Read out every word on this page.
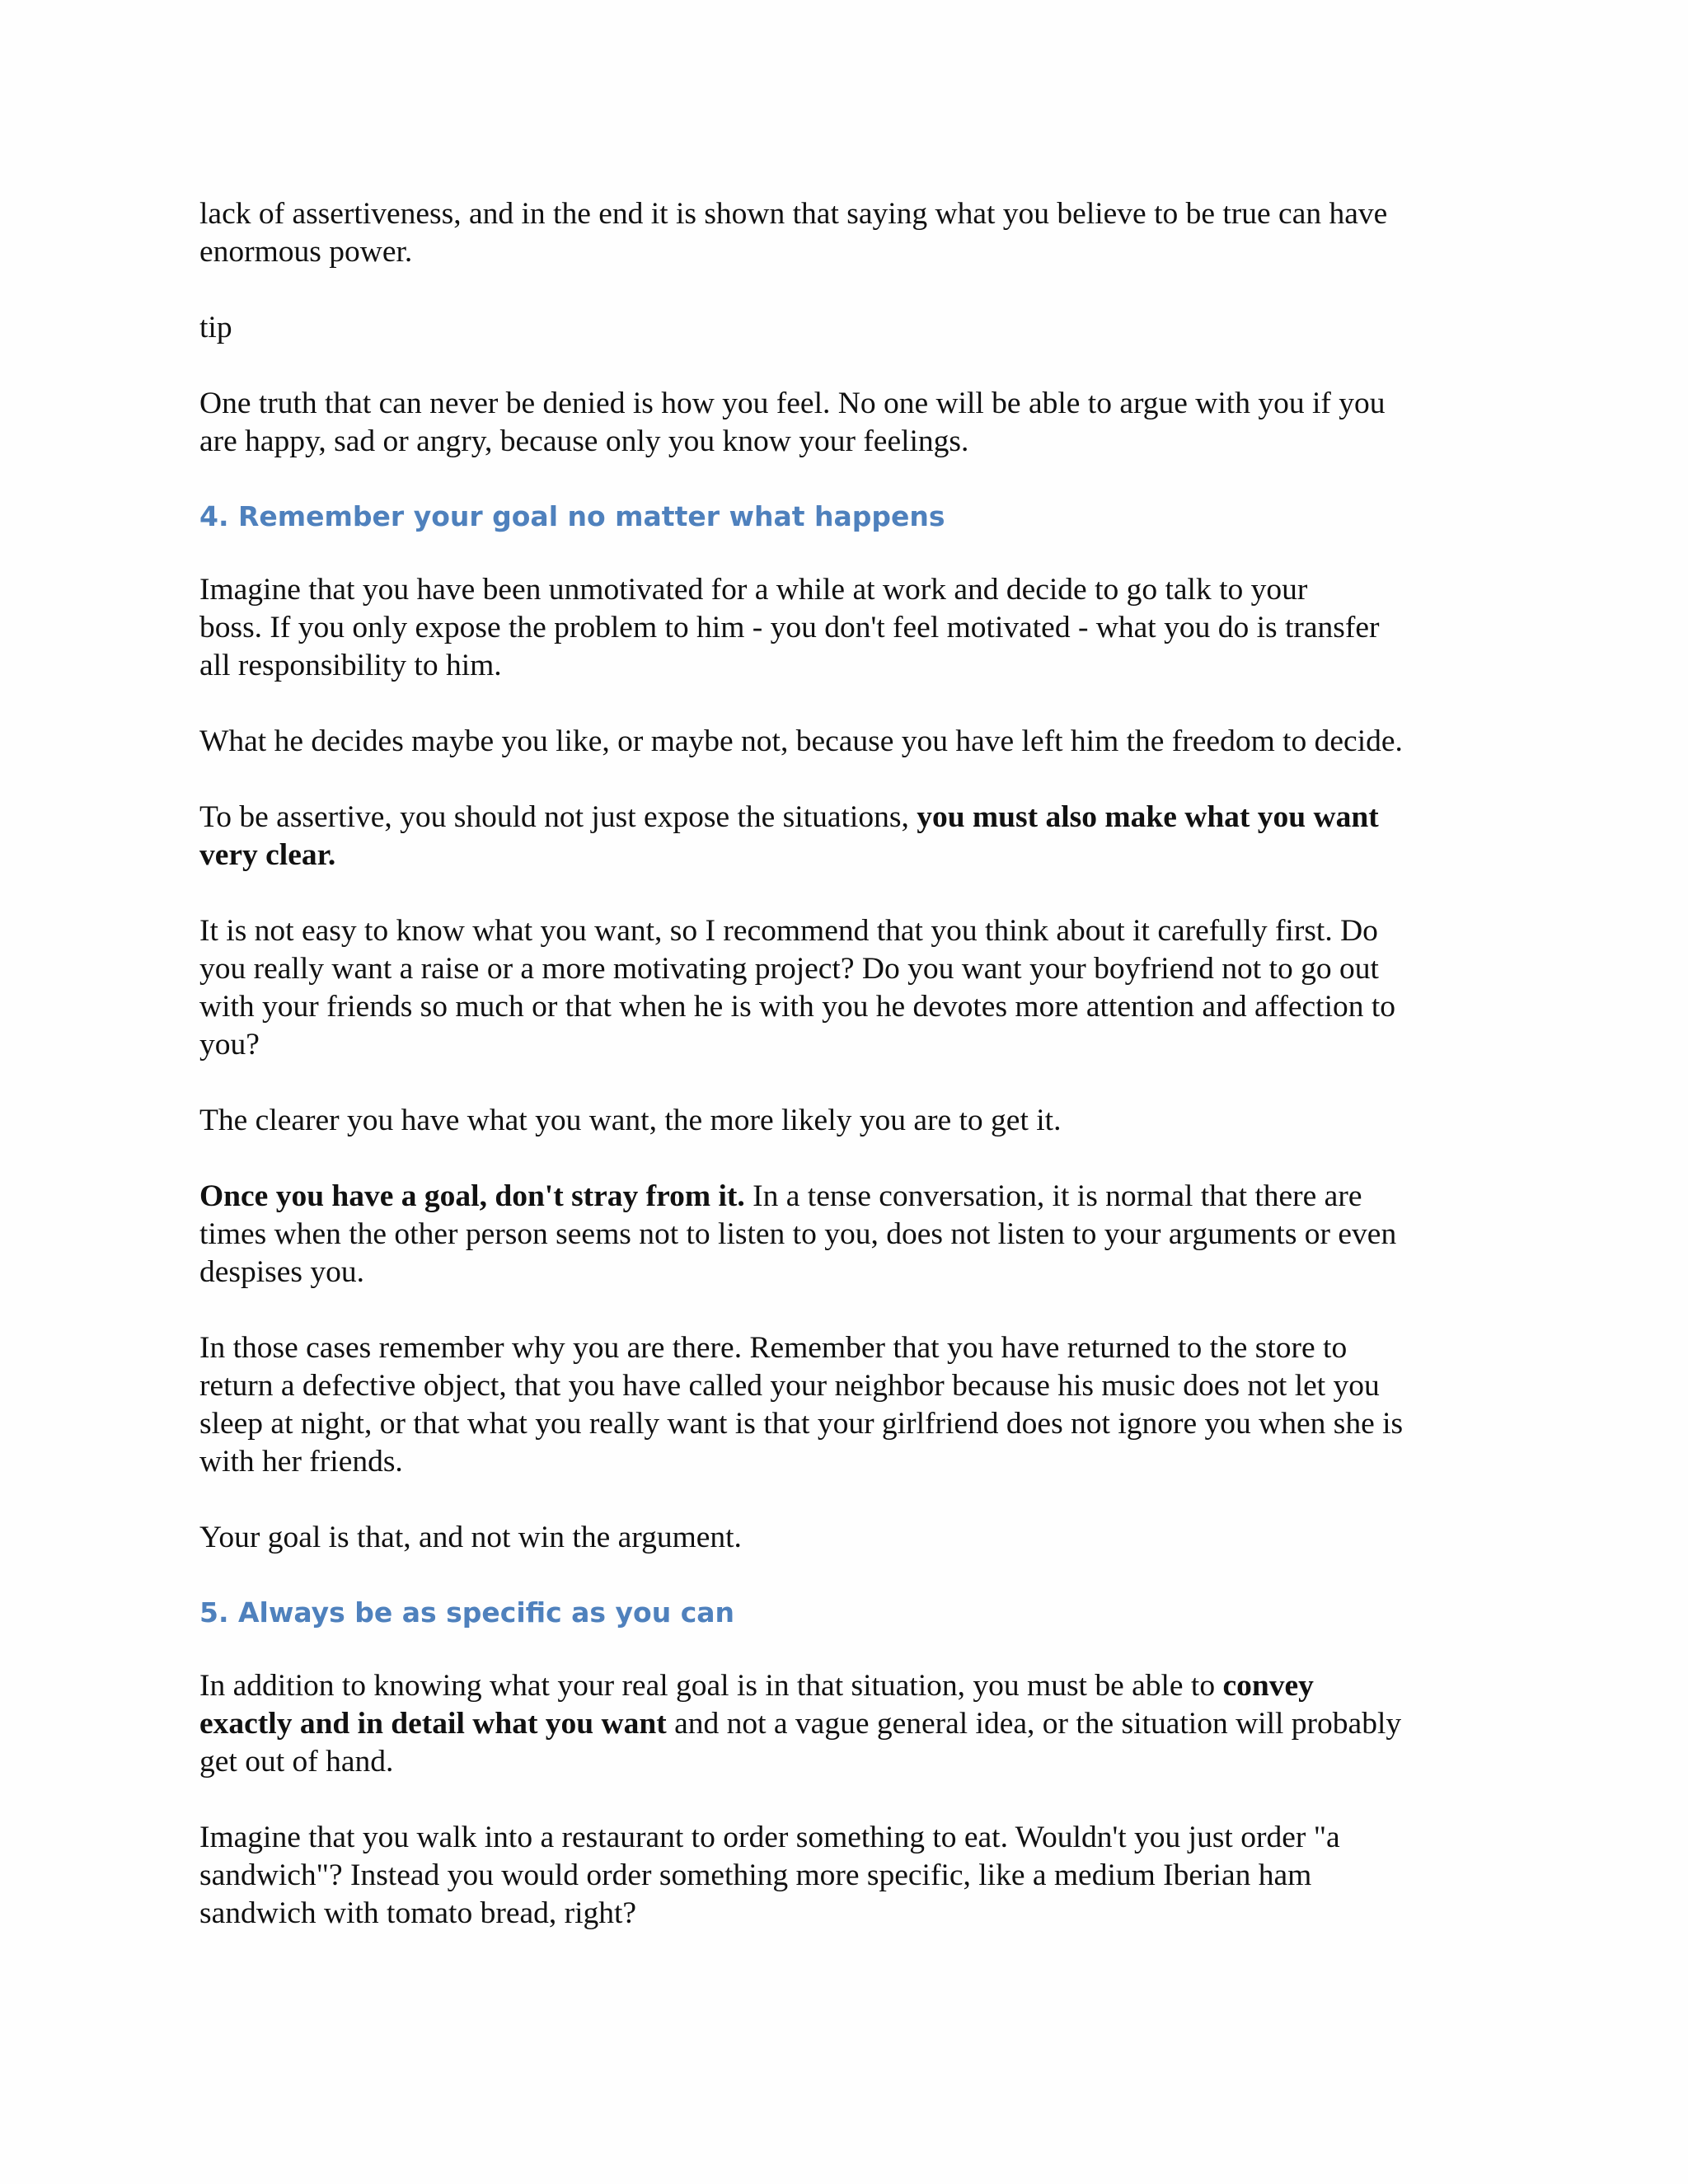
lack of assertiveness, and in the end it is shown that saying what you believe to be true can have
enormous power.

tip

One truth that can never be denied is how you feel. No one will be able to argue with you if you
are happy, sad or angry, because only you know your feelings.

4. Remember your goal no matter what happens

Imagine that you have been unmotivated for a while at work and decide to go talk to your
boss. If you only expose the problem to him - you don't feel motivated - what you do is transfer
all responsibility to him.

What he decides maybe you like, or maybe not, because you have left him the freedom to decide.

To be assertive, you should not just expose the situations, you must also make what you want
very clear.

It is not easy to know what you want, so I recommend that you think about it carefully first. Do
you really want a raise or a more motivating project? Do you want your boyfriend not to go out
with your friends so much or that when he is with you he devotes more attention and affection to
you?

The clearer you have what you want, the more likely you are to get it.

Once you have a goal, don't stray from it. In a tense conversation, it is normal that there are
times when the other person seems not to listen to you, does not listen to your arguments or even
despises you.

In those cases remember why you are there. Remember that you have returned to the store to
return a defective object, that you have called your neighbor because his music does not let you
sleep at night, or that what you really want is that your girlfriend does not ignore you when she is
with her friends.

Your goal is that, and not win the argument.

5. Always be as specific as you can

In addition to knowing what your real goal is in that situation, you must be able to convey
exactly and in detail what you want and not a vague general idea, or the situation will probably
get out of hand.

Imagine that you walk into a restaurant to order something to eat. Wouldn't you just order "a
sandwich"? Instead you would order something more specific, like a medium Iberian ham
sandwich with tomato bread, right?
